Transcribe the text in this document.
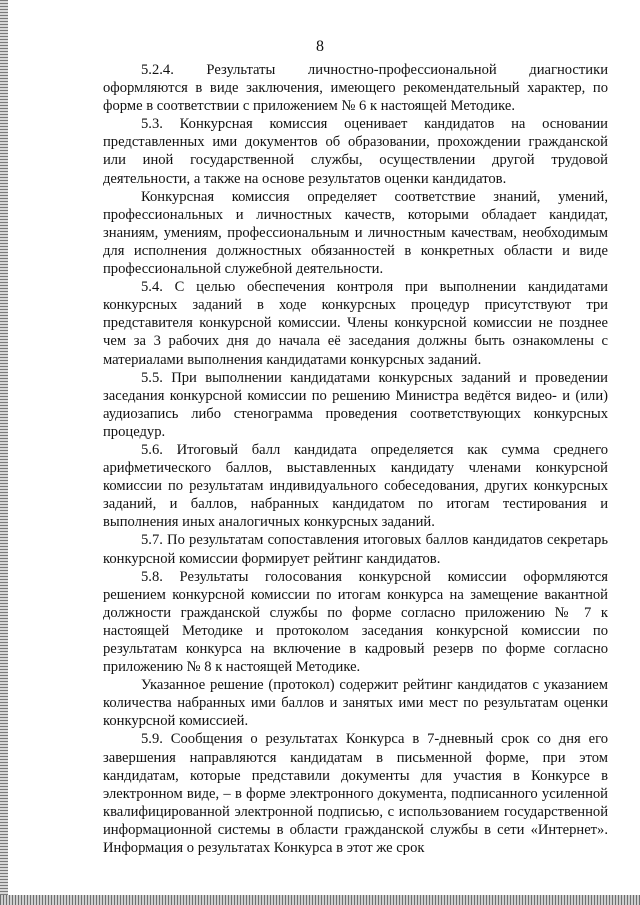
8

5.2.4. Результаты личностно-профессиональной диагностики оформляются в виде заключения, имеющего рекомендательный характер, по форме в соответствии с приложением № 6 к настоящей Методике.

5.3. Конкурсная комиссия оценивает кандидатов на основании представленных ими документов об образовании, прохождении гражданской или иной государственной службы, осуществлении другой трудовой деятельности, а также на основе результатов оценки кандидатов.

Конкурсная комиссия определяет соответствие знаний, умений, профессиональных и личностных качеств, которыми обладает кандидат, знаниям, умениям, профессиональным и личностным качествам, необходимым для исполнения должностных обязанностей в конкретных области и виде профессиональной служебной деятельности.

5.4. С целью обеспечения контроля при выполнении кандидатами конкурсных заданий в ходе конкурсных процедур присутствуют три представителя конкурсной комиссии. Члены конкурсной комиссии не позднее чем за 3 рабочих дня до начала её заседания должны быть ознакомлены с материалами выполнения кандидатами конкурсных заданий.

5.5. При выполнении кандидатами конкурсных заданий и проведении заседания конкурсной комиссии по решению Министра ведётся видео- и (или) аудиозапись либо стенограмма проведения соответствующих конкурсных процедур.

5.6. Итоговый балл кандидата определяется как сумма среднего арифметического баллов, выставленных кандидату членами конкурсной комиссии по результатам индивидуального собеседования, других конкурсных заданий, и баллов, набранных кандидатом по итогам тестирования и выполнения иных аналогичных конкурсных заданий.

5.7. По результатам сопоставления итоговых баллов кандидатов секретарь конкурсной комиссии формирует рейтинг кандидатов.

5.8. Результаты голосования конкурсной комиссии оформляются решением конкурсной комиссии по итогам конкурса на замещение вакантной должности гражданской службы по форме согласно приложению № 7 к настоящей Методике и протоколом заседания конкурсной комиссии по результатам конкурса на включение в кадровый резерв по форме согласно приложению № 8 к настоящей Методике.

Указанное решение (протокол) содержит рейтинг кандидатов с указанием количества набранных ими баллов и занятых ими мест по результатам оценки конкурсной комиссией.

5.9. Сообщения о результатах Конкурса в 7-дневный срок со дня его завершения направляются кандидатам в письменной форме, при этом кандидатам, которые представили документы для участия в Конкурсе в электронном виде, – в форме электронного документа, подписанного усиленной квалифицированной электронной подписью, с использованием государственной информационной системы в области гражданской службы в сети «Интернет». Информация о результатах Конкурса в этот же срок
